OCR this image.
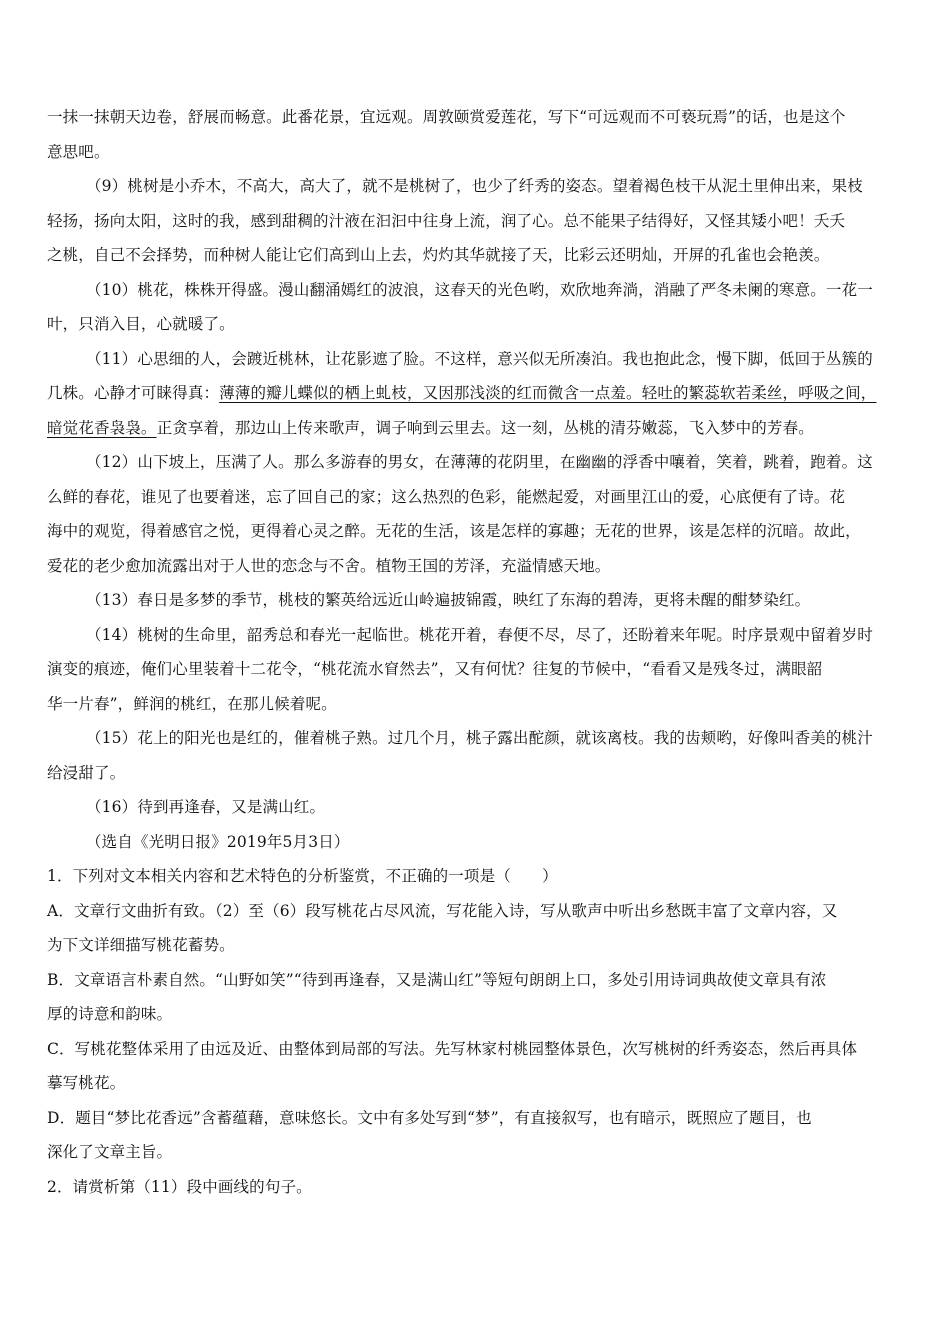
一抹一抹朝天边卷，舒展而畅意。此番花景，宜远观。周敦颐赏爱莲花，写下“可远观而不可亵玩焉”的话，也是这个
意思吧。
（9）桃树是小乔木，不高大，高大了，就不是桃树了，也少了纤秀的姿态。望着褐色枝干从泥土里伸出来，果枝
轻扬，扬向太阳，这时的我，感到甜稠的汁液在汩汩中往身上流，润了心。总不能果子结得好，又怪其矮小吧！夭夭
之桃，自己不会择势，而种树人能让它们高到山上去，灼灼其华就接了天，比彩云还明灿，开屏的孔雀也会艳羡。
（10）桃花，株株开得盛。漫山翻涌嫣红的波浪，这春天的光色哟，欢欣地奔淌，消融了严冬未阑的寒意。一花一
叶，只消入目，心就暖了。
（11）心思细的人，会踱近桃林，让花影遮了脸。不这样，意兴似无所凑泊。我也抱此念，慢下脚，低回于丛簇的
几株。心静才可睐得真：薄薄的瓣儿蝶似的栖上虬枝，又因那浅淡的红而微含一点羞。轻吐的繁蕊软若柔丝，呼吸之间，
暗觉花香袅袅。正贪享着，那边山上传来歌声，调子响到云里去。这一刻，丛桃的清芬嫩蕊，飞入梦中的芳春。
（12）山下坡上，压满了人。那么多游春的男女，在薄薄的花阴里，在幽幽的浮香中嚷着，笑着，跳着，跑着。这
么鲜的春花，谁见了也要着迷，忘了回自己的家；这么热烈的色彩，能燃起爱，对画里江山的爱，心底便有了诗。花
海中的观览，得着感官之悦，更得着心灵之醉。无花的生活，该是怎样的寡趣；无花的世界，该是怎样的沉暗。故此，
爱花的老少愈加流露出对于人世的恋念与不舍。植物王国的芳泽，充溢情感天地。
（13）春日是多梦的季节，桃枝的繁英给远近山岭遍披锦霞，映红了东海的碧涛，更将未醒的酣梦染红。
（14）桃树的生命里，韶秀总和春光一起临世。桃花开着，春便不尽，尽了，还盼着来年呢。时序景观中留着岁时
演变的痕迹，俺们心里装着十二花令，“桃花流水窅然去”，又有何忧？往复的节候中，“看看又是残冬过，满眼韶
华一片春”，鲜润的桃红，在那儿候着呢。
（15）花上的阳光也是红的，催着桃子熟。过几个月，桃子露出酡颜，就该离枝。我的齿颊哟，好像叫香美的桃汁
给浸甜了。
（16）待到再逢春，又是满山红。
（选自《光明日报》2019年5月3日）
1．下列对文本相关内容和艺术特色的分析鉴赏，不正确的一项是（　　）
A．文章行文曲折有致。（2）至（6）段写桃花占尽风流，写花能入诗，写从歌声中听出乡愁既丰富了文章内容，又
为下文详细描写桃花蓄势。
B．文章语言朴素自然。“山野如笑”“待到再逢春，又是满山红”等短句朗朗上口，多处引用诗词典故使文章具有浓
厚的诗意和韵味。
C．写桃花整体采用了由远及近、由整体到局部的写法。先写林家村桃园整体景色，次写桃树的纤秀姿态，然后再具体
摹写桃花。
D．题目“梦比花香远”含蓄蕴藉，意味悠长。文中有多处写到“梦”，有直接叙写，也有暗示，既照应了题目，也
深化了文章主旨。
2．请赏析第（11）段中画线的句子。
